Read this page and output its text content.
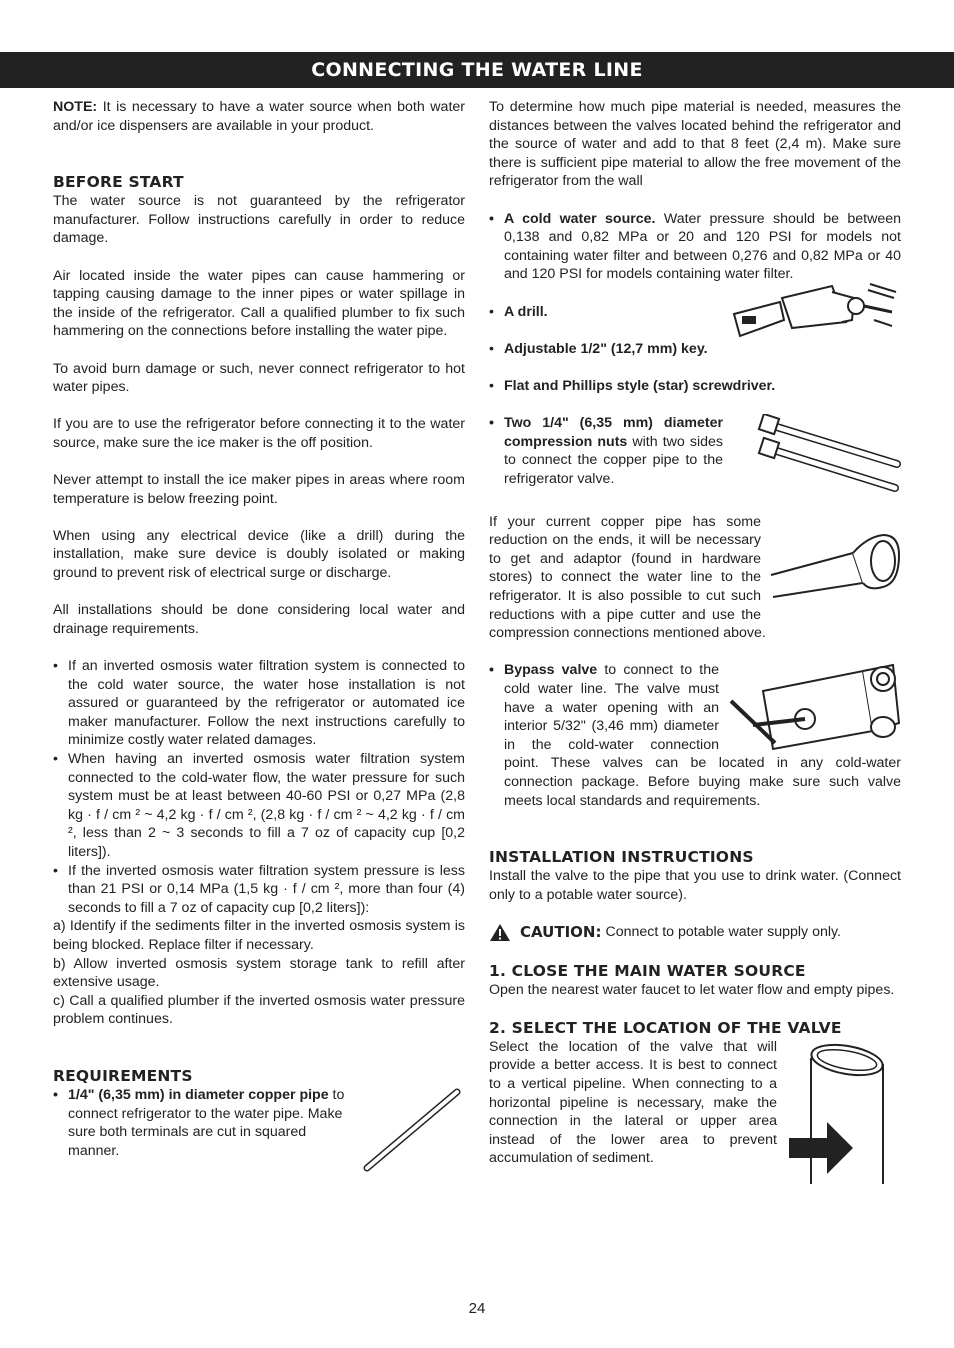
CONNECTING THE WATER LINE

NOTE: It is necessary to have a water source when both water and/or ice dispensers are available in your product.

BEFORE START

The water source is not guaranteed by the refrigerator manufacturer. Follow instructions carefully in order to reduce damage.

Air located inside the water pipes can cause hammering or tapping causing damage to the inner pipes or water spillage in the inside of the refrigerator. Call a qualified plumber to fix such hammering on the connections before installing the water pipe.

To avoid burn damage or such, never connect refrigerator to hot water pipes.

If you are to use the refrigerator before connecting it to the water source, make sure the ice maker is the off position.

Never attempt to install the ice maker pipes in areas where room temperature is below freezing point.

When using any electrical device (like a drill) during the installation, make sure device is doubly isolated or making ground to prevent risk of electrical surge or discharge.

All installations should be done considering local water and drainage requirements.

• If an inverted osmosis water filtration system is connected to the cold water source, the water hose installation is not assured or guaranteed by the refrigerator or automated ice maker manufacturer. Follow the next instructions carefully to minimize costly water related damages.
• When having an inverted osmosis water filtration system connected to the cold-water flow, the water pressure for such system must be at least between 40-60 PSI or 0,27 MPa (2,8 kg · f / cm ² ~ 4,2 kg · f / cm ², (2,8 kg · f / cm ² ~ 4,2 kg · f / cm ², less than 2 ~ 3 seconds to fill a 7 oz of capacity cup [0,2 liters]).
• If the inverted osmosis water filtration system pressure is less than 21 PSI or 0,14 MPa (1,5 kg · f / cm ², more than four (4) seconds to fill a 7 oz of capacity cup [0,2 liters]):

a) Identify if the sediments filter in the inverted osmosis system is being blocked. Replace filter if necessary.

b) Allow inverted osmosis system storage tank to refill after extensive usage.

c) Call a qualified plumber if the inverted osmosis water pressure problem continues.

REQUIREMENTS
• 1/4" (6,35 mm) in diameter copper pipe to connect refrigerator to the water pipe. Make sure both terminals are cut in squared manner.

To determine how much pipe material is needed, measures the distances between the valves located behind the refrigerator and the source of water and add to that 8 feet (2,4 m). Make sure there is sufficient pipe material to allow the free movement of the refrigerator from the wall

• A cold water source. Water pressure should be between 0,138 and 0,82 MPa or 20 and 120 PSI for models not containing water filter and between 0,276 and 0,82 MPa or 40 and 120 PSI for models containing water filter.
• A drill.
• Adjustable 1/2" (12,7 mm) key.
• Flat and Phillips style (star) screwdriver.
• Two 1/4" (6,35 mm) diameter compression nuts with two sides to connect the copper pipe to the refrigerator valve.

If your current copper pipe has some reduction on the ends, it will be necessary to get and adaptor (found in hardware stores) to connect the water line to the refrigerator. It is also possible to cut such reductions with a pipe cutter and use the compression connections mentioned above.

• Bypass valve to connect to the cold water line. The valve must have a water opening with an interior 5/32" (3,46 mm) diameter in the cold-water connection point. These valves can be located in any cold-water connection package. Before buying make sure such valve meets local standards and requirements.
INSTALLATION INSTRUCTIONS

Install the valve to the pipe that you use to drink water. (Connect only to a potable water source).

CAUTION: Connect to potable water supply only.
1. CLOSE THE MAIN WATER SOURCE

Open the nearest water faucet to let water flow and empty pipes.

2. SELECT THE LOCATION OF THE VALVE

Select the location of the valve that will provide a better access. It is best to connect to a vertical pipeline. When connecting to a horizontal pipeline is necessary, make the connection in the lateral or upper area instead of the lower area to prevent accumulation of sediment.

24
